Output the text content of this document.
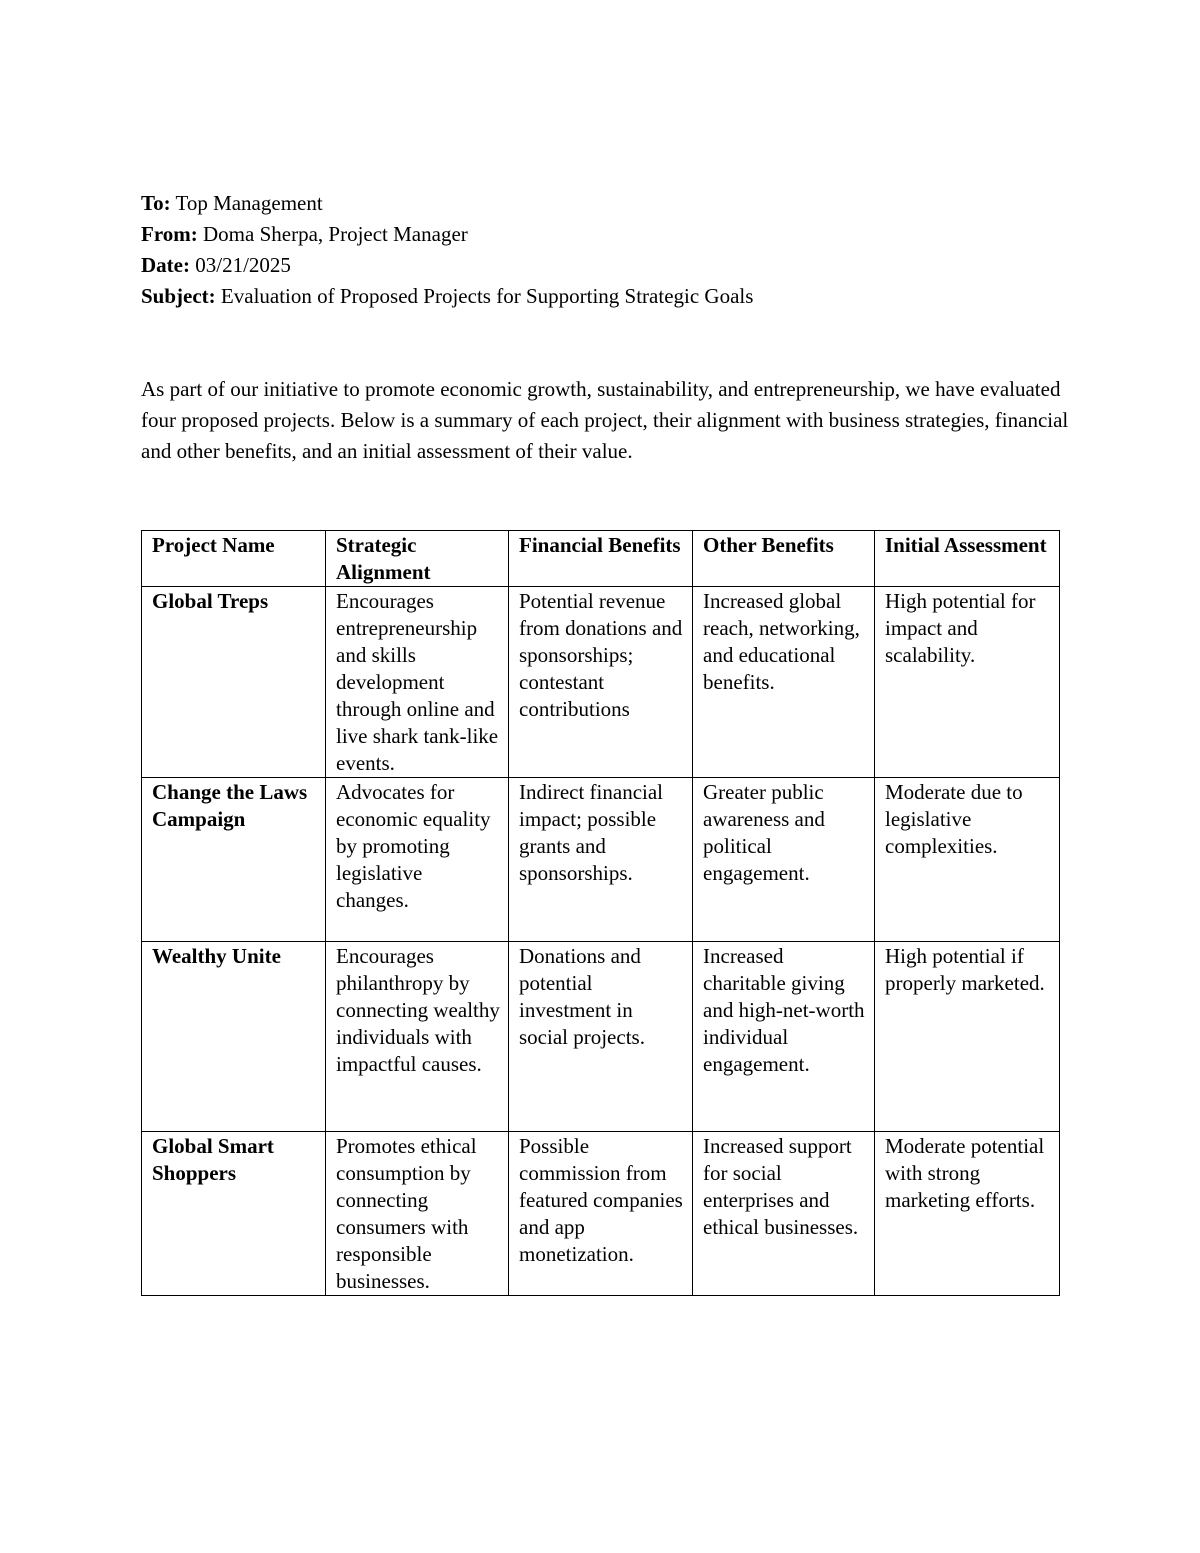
To: Top Management
From: Doma Sherpa, Project Manager
Date: 03/21/2025
Subject: Evaluation of Proposed Projects for Supporting Strategic Goals

As part of our initiative to promote economic growth, sustainability, and entrepreneurship, we have evaluated four proposed projects. Below is a summary of each project, their alignment with business strategies, financial and other benefits, and an initial assessment of their value.

Project Name	Strategic Alignment	Financial Benefits	Other Benefits	Initial Assessment
Global Treps	Encourages entrepreneurship and skills development through online and live shark tank-like events.	Potential revenue from donations and sponsorships; contestant contributions	Increased global reach, networking, and educational benefits.	High potential for impact and scalability.
Change the Laws Campaign	Advocates for economic equality by promoting legislative changes.	Indirect financial impact; possible grants and sponsorships.	Greater public awareness and political engagement.	Moderate due to legislative complexities.
Wealthy Unite	Encourages philanthropy by connecting wealthy individuals with impactful causes.	Donations and potential investment in social projects.	Increased charitable giving and high-net-worth individual engagement.	High potential if properly marketed.
Global Smart Shoppers	Promotes ethical consumption by connecting consumers with responsible businesses.	Possible commission from featured companies and app monetization.	Increased support for social enterprises and ethical businesses.	Moderate potential with strong marketing efforts.
